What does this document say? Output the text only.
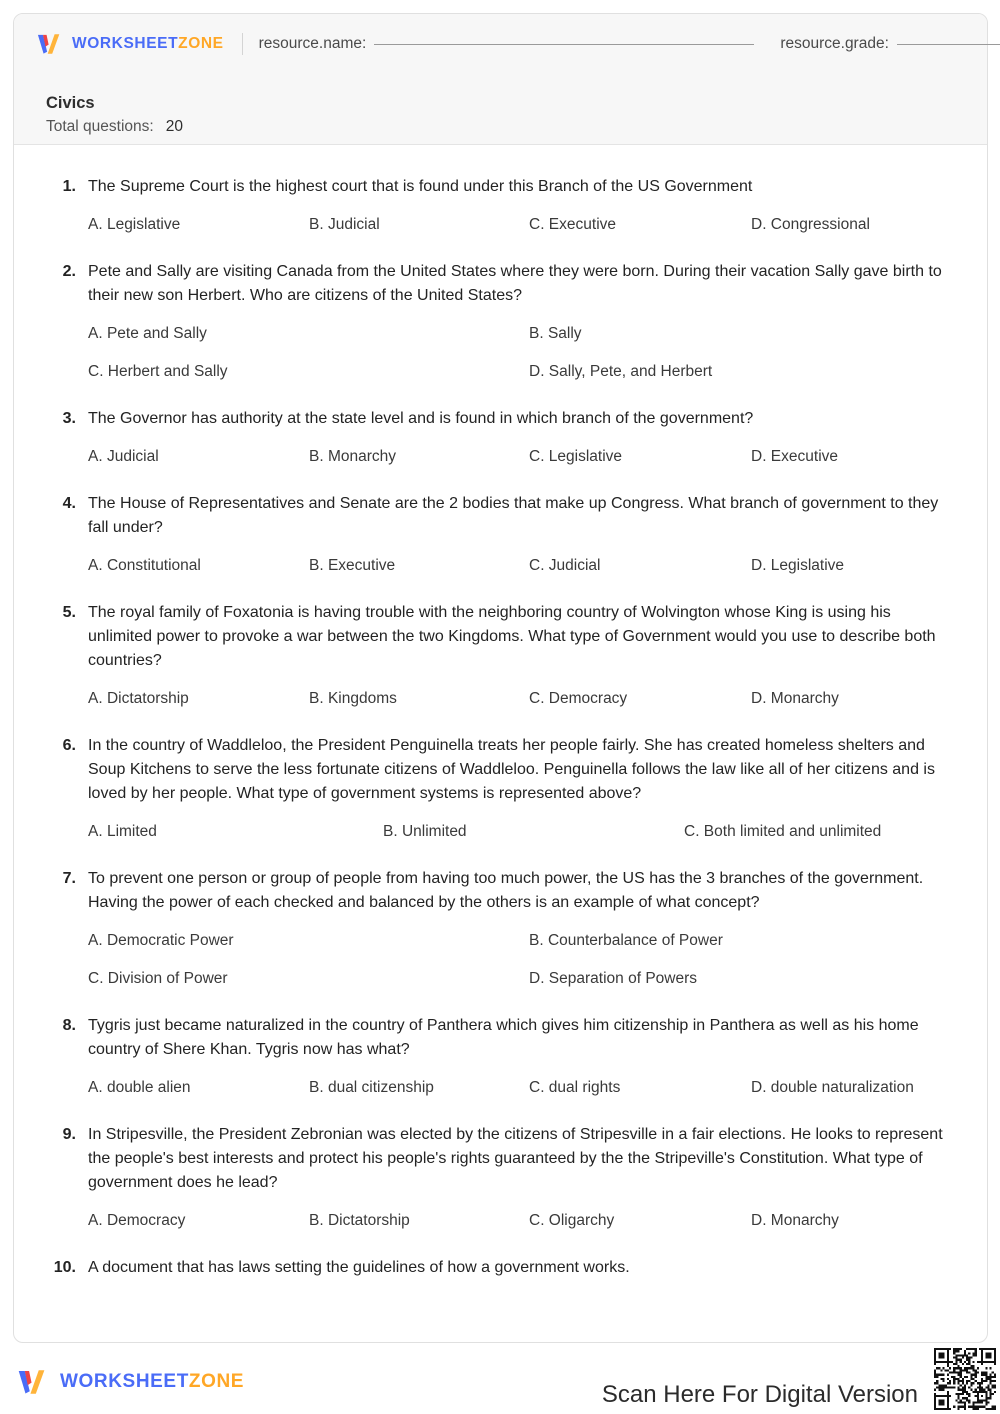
WORKSHEETZONE resource.name:	resource.grade:
Civics
Total questions: 20
1. The Supreme Court is the highest court that is found under this Branch of the US Government
A. Legislative	B. Judicial	C. Executive	D. Congressional
2. Pete and Sally are visiting Canada from the United States where they were born. During their vacation Sally gave birth to their new son Herbert. Who are citizens of the United States?
A. Pete and Sally	B. Sally
C. Herbert and Sally	D. Sally, Pete, and Herbert
3. The Governor has authority at the state level and is found in which branch of the government?
A. Judicial	B. Monarchy	C. Legislative	D. Executive
4. The House of Representatives and Senate are the 2 bodies that make up Congress. What branch of government to they fall under?
A. Constitutional	B. Executive	C. Judicial	D. Legislative
5. The royal family of Foxatonia is having trouble with the neighboring country of Wolvington whose King is using his unlimited power to provoke a war between the two Kingdoms. What type of Government would you use to describe both countries?
A. Dictatorship	B. Kingdoms	C. Democracy	D. Monarchy
6. In the country of Waddleloo, the President Penguinella treats her people fairly. She has created homeless shelters and Soup Kitchens to serve the less fortunate citizens of Waddleloo. Penguinella follows the law like all of her citizens and is loved by her people. What type of government systems is represented above?
A. Limited	B. Unlimited	C. Both limited and unlimited
7. To prevent one person or group of people from having too much power, the US has the 3 branches of the government. Having the power of each checked and balanced by the others is an example of what concept?
A. Democratic Power	B. Counterbalance of Power
C. Division of Power	D. Separation of Powers
8. Tygris just became naturalized in the country of Panthera which gives him citizenship in Panthera as well as his home country of Shere Khan. Tygris now has what?
A. double alien	B. dual citizenship	C. dual rights	D. double naturalization
9. In Stripesville, the President Zebronian was elected by the citizens of Stripesville in a fair elections. He looks to represent the people's best interests and protect his people's rights guaranteed by the the Stripeville's Constitution. What type of government does he lead?
A. Democracy	B. Dictatorship	C. Oligarchy	D. Monarchy
10. A document that has laws setting the guidelines of how a government works.
WORKSHEETZONE	Scan Here For Digital Version
